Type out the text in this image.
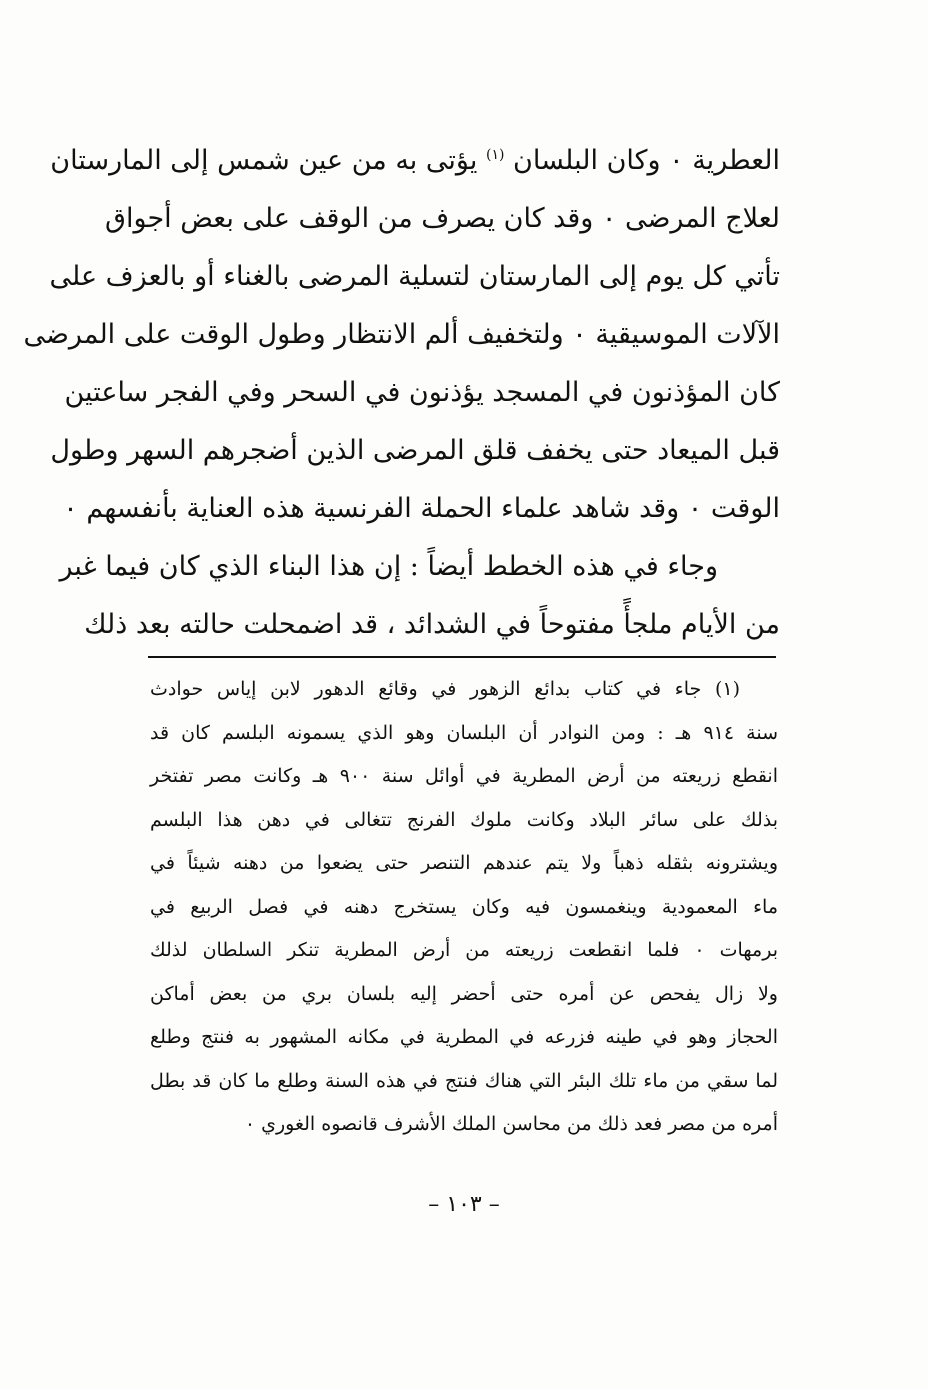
العطرية ٠ وكان البلسان $^{(١)}$ يؤتى به من عين شمس إلى المارستان
لعلاج المرضى ٠ وقد كان يصرف من الوقف على بعض أجواق
تأتي كل يوم إلى المارستان لتسلية المرضى بالغناء أو بالعزف على
الآلات الموسيقية ٠ ولتخفيف ألم الانتظار وطول الوقت على المرضى
كان المؤذنون في المسجد يؤذنون في السحر وفي الفجر ساعتين
قبل الميعاد حتى يخفف قلق المرضى الذين أضجرهم السهر وطول
الوقت ٠ وقد شاهد علماء الحملة الفرنسية هذه العناية بأنفسهم ٠
وجاء في هذه الخطط أيضاً : إن هذا البناء الذي كان فيما غبر
من الأيام ملجأً مفتوحاً في الشدائد ، قد اضمحلت حالته بعد ذلك
(١) جاء في كتاب بدائع الزهور في وقائع الدهور لابن إياس حوادث
سنة ٩١٤ هـ : ومن النوادر أن البلسان وهو الذي يسمونه البلسم كان قد
انقطع زريعته من أرض المطرية في أوائل سنة ٩٠٠ هـ وكانت مصر تفتخر
بذلك على سائر البلاد وكانت ملوك الفرنج تتغالى في دهن هذا البلسم
ويشترونه بثقله ذهباً ولا يتم عندهم التنصر حتى يضعوا من دهنه شيئاً في
ماء المعمودية وينغمسون فيه وكان يستخرج دهنه في فصل الربيع في
برمهات ٠ فلما انقطعت زريعته من أرض المطرية تنكر السلطان لذلك
ولا زال يفحص عن أمره حتى أحضر إليه بلسان بري من بعض أماكن
الحجاز وهو في طينه فزرعه في المطرية في مكانه المشهور به فنتج وطلع
لما سقي من ماء تلك البئر التي هناك فنتج في هذه السنة وطلع ما كان قد بطل
أمره من مصر فعد ذلك من محاسن الملك الأشرف قانصوه الغوري ٠
– ١٠٣ –
